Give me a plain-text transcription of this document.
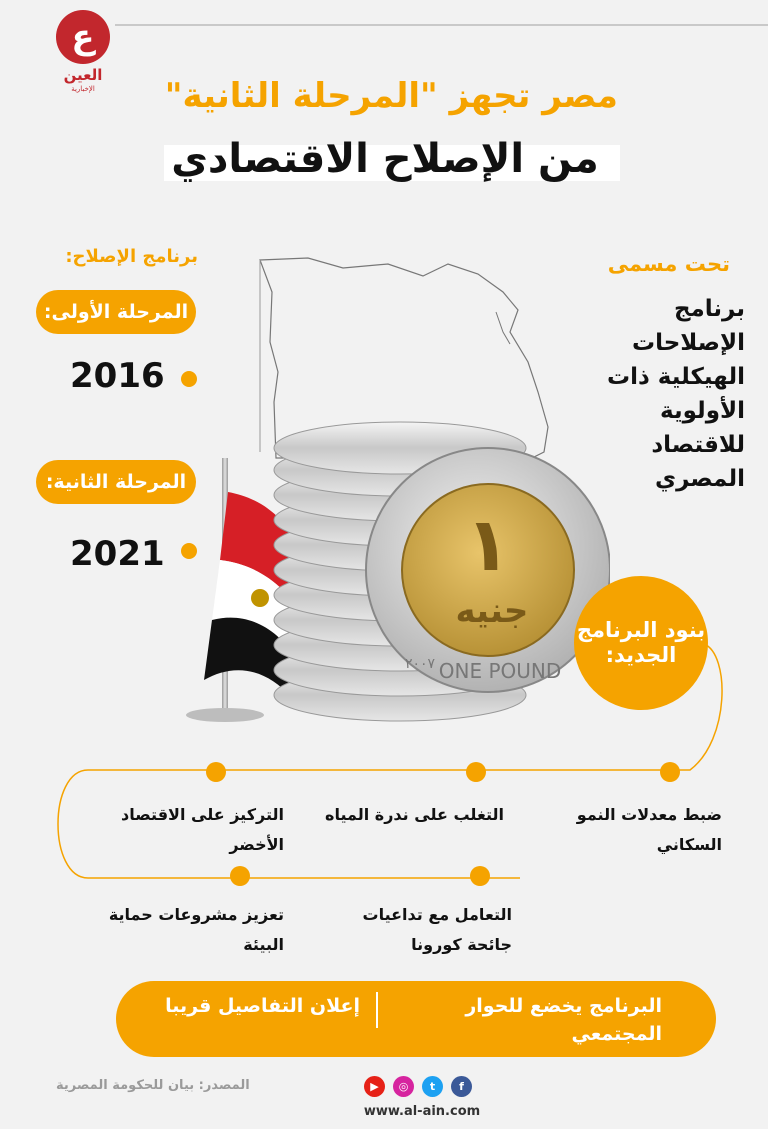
ع
العين
الإخبارية	مصر تجهز "المرحلة الثانية"
من الإصلاح الاقتصادي
برنامج الإصلاح:
المرحلة الأولى:
2016
المرحلة الثانية:
2021
تحت مسمى
برنامج الإصلاحات الهيكلية ذات الأولوية للاقتصاد المصري
١
جنيه
ONE POUND
٢٠٠٧
بنود البرنامج الجديد:
ضبط معدلات النمو السكاني
التغلب على ندرة المياه
التركيز على الاقتصاد الأخضر
تعزيز مشروعات حماية البيئة
التعامل مع تداعيات جائحة كورونا
البرنامج يخضع للحوار المجتمعي
إعلان التفاصيل قريبا
المصدر: بيان للحكومة المصرية	▶	◎	t	f
www.al-ain.com
